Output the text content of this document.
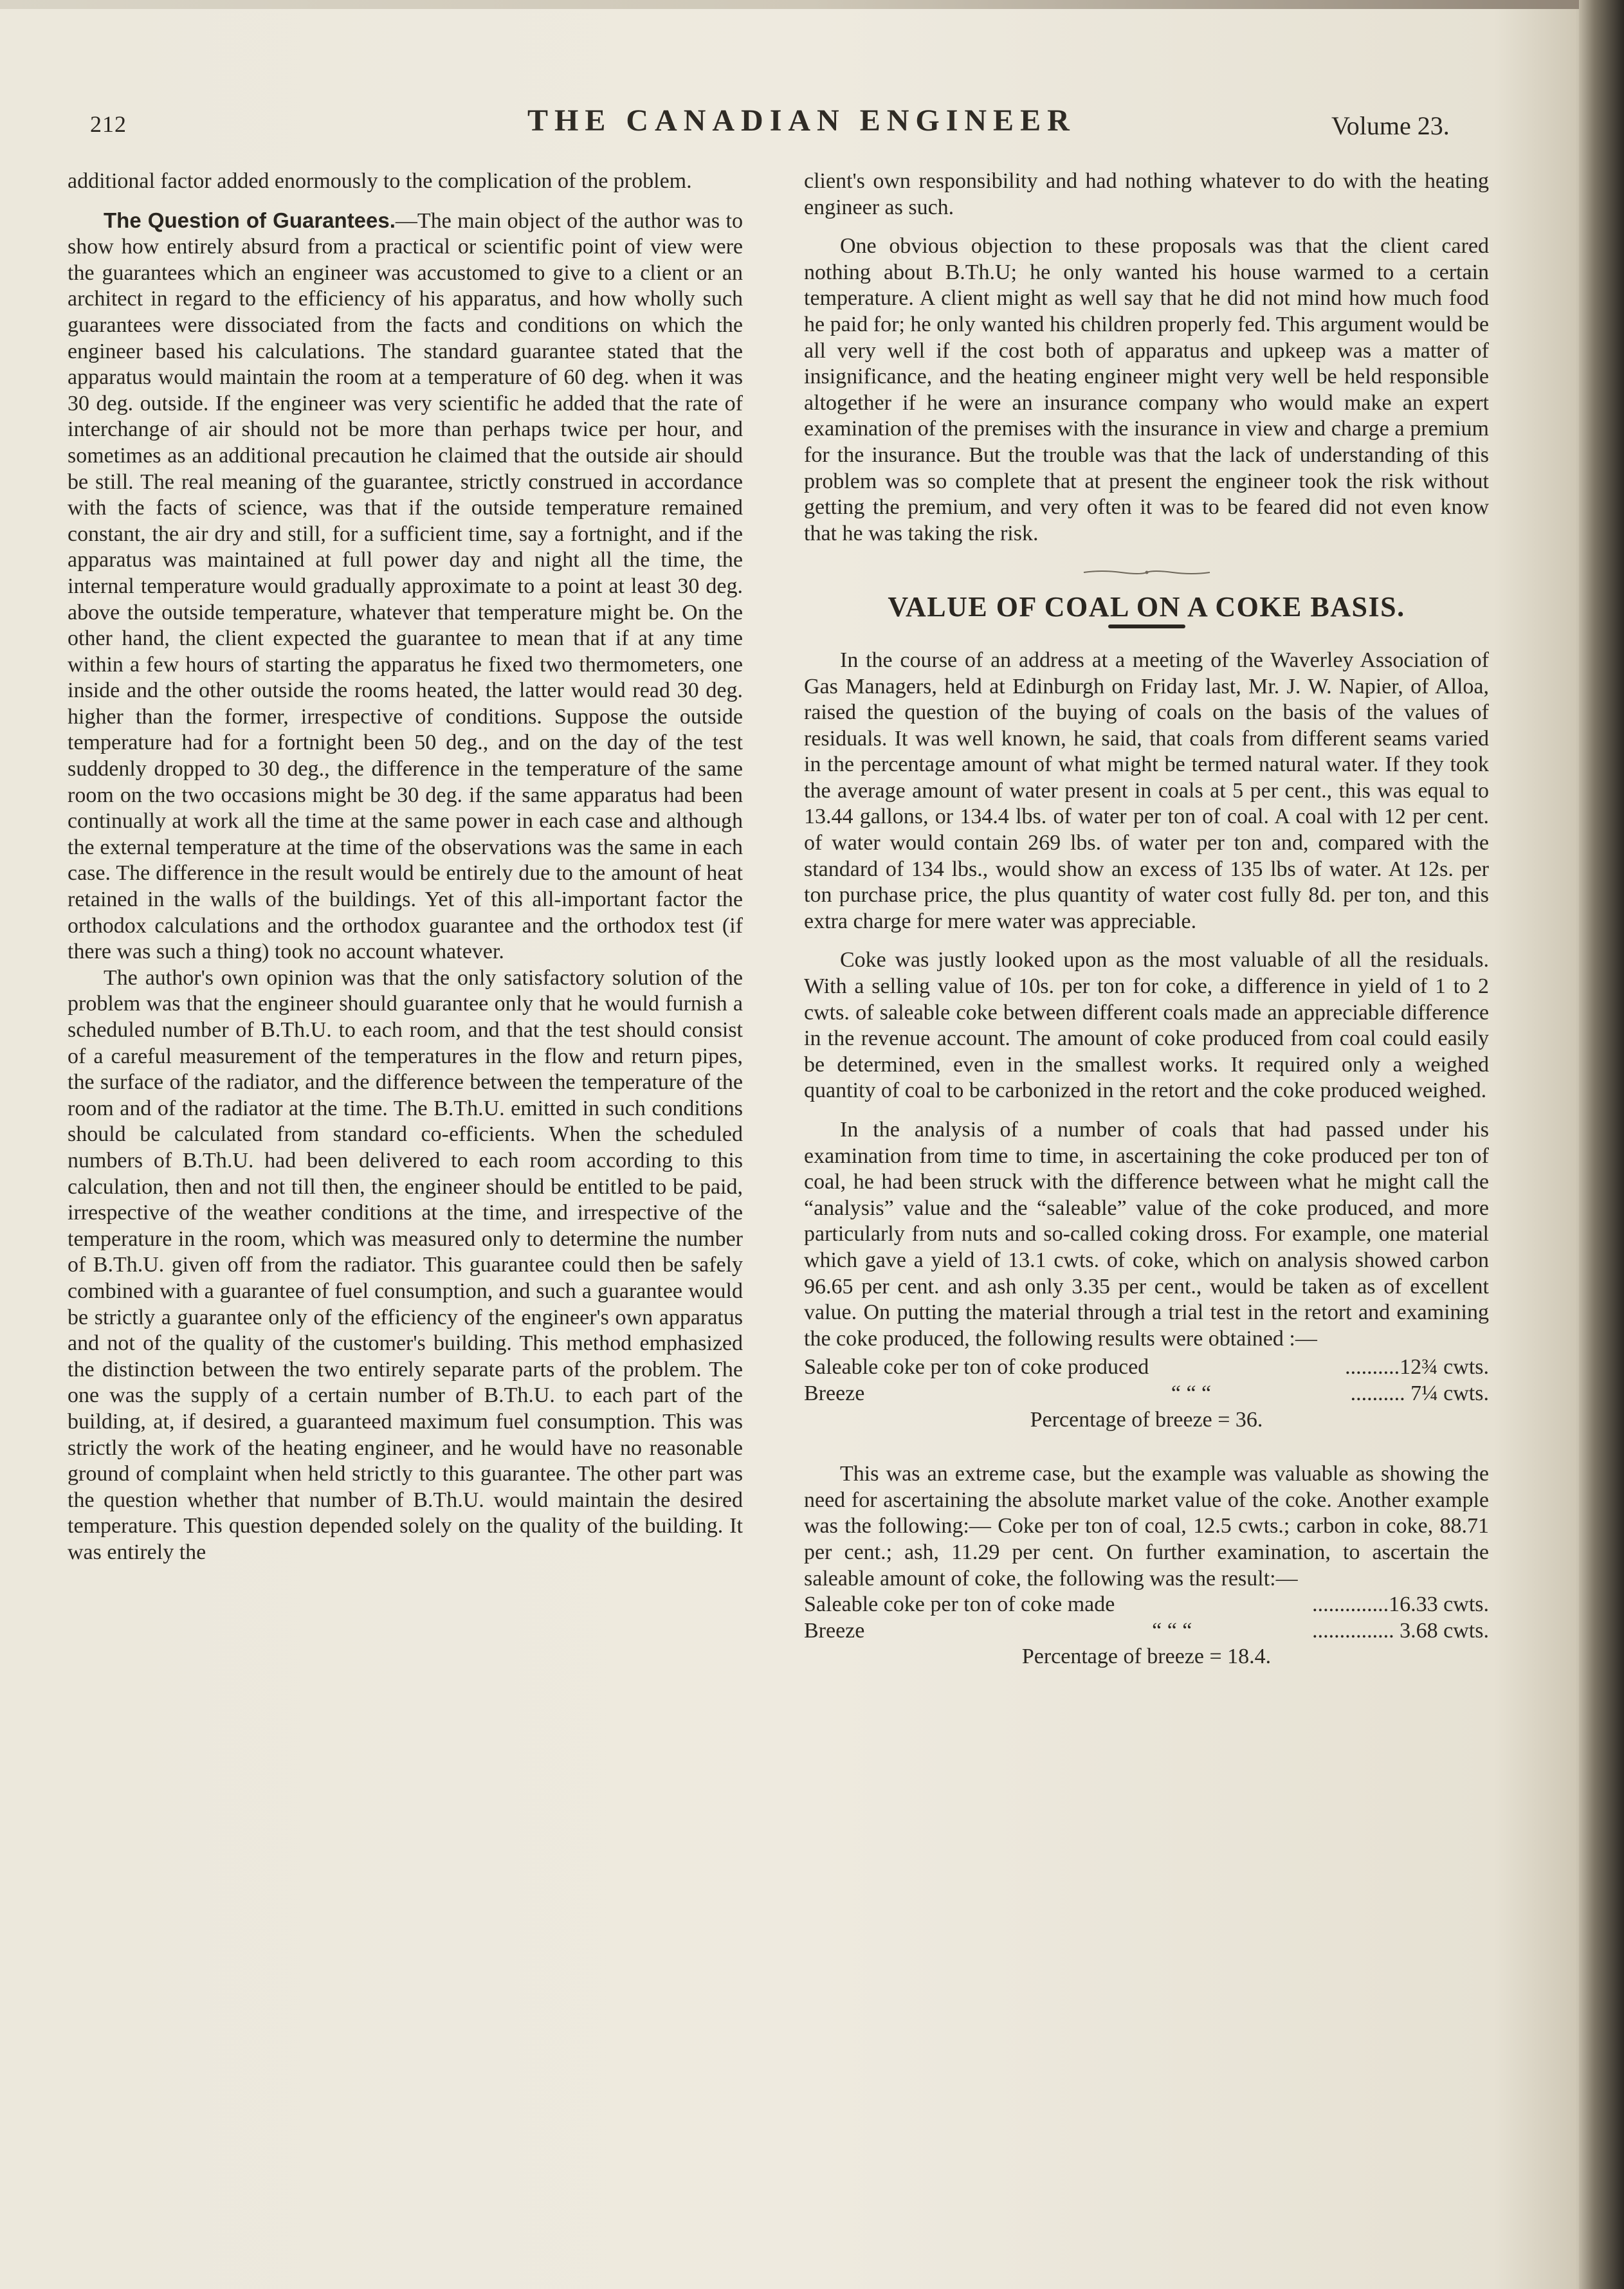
212	THE CANADIAN ENGINEER	Volume 23.

additional factor added enormously to the complication of the problem.

The Question of Guarantees.—The main object of the author was to show how entirely absurd from a practical or scientific point of view were the guarantees which an engineer was accustomed to give to a client or an architect in regard to the efficiency of his apparatus, and how wholly such guarantees were dissociated from the facts and conditions on which the engineer based his calculations. The standard guarantee stated that the apparatus would maintain the room at a temperature of 60 deg. when it was 30 deg. outside. If the engineer was very scientific he added that the rate of interchange of air should not be more than perhaps twice per hour, and sometimes as an additional precaution he claimed that the outside air should be still. The real meaning of the guarantee, strictly construed in accordance with the facts of science, was that if the outside temperature remained constant, the air dry and still, for a sufficient time, say a fortnight, and if the apparatus was maintained at full power day and night all the time, the internal temperature would gradually approximate to a point at least 30 deg. above the outside temperature, whatever that temperature might be. On the other hand, the client expected the guarantee to mean that if at any time within a few hours of starting the apparatus he fixed two thermometers, one inside and the other outside the rooms heated, the latter would read 30 deg. higher than the former, irrespective of conditions. Suppose the outside temperature had for a fortnight been 50 deg., and on the day of the test suddenly dropped to 30 deg., the difference in the temperature of the same room on the two occasions might be 30 deg. if the same apparatus had been continually at work all the time at the same power in each case and although the external temperature at the time of the observations was the same in each case. The difference in the result would be entirely due to the amount of heat retained in the walls of the buildings. Yet of this all-important factor the orthodox calculations and the orthodox guarantee and the orthodox test (if there was such a thing) took no account whatever.

The author's own opinion was that the only satisfactory solution of the problem was that the engineer should guarantee only that he would furnish a scheduled number of B.Th.U. to each room, and that the test should consist of a careful measurement of the temperatures in the flow and return pipes, the surface of the radiator, and the difference between the temperature of the room and of the radiator at the time. The B.Th.U. emitted in such conditions should be calculated from standard co-efficients. When the scheduled numbers of B.Th.U. had been delivered to each room according to this calculation, then and not till then, the engineer should be entitled to be paid, irrespective of the weather conditions at the time, and irrespective of the temperature in the room, which was measured only to determine the number of B.Th.U. given off from the radiator. This guarantee could then be safely combined with a guarantee of fuel consumption, and such a guarantee would be strictly a guarantee only of the efficiency of the engineer's own apparatus and not of the quality of the customer's building. This method emphasized the distinction between the two entirely separate parts of the problem. The one was the supply of a certain number of B.Th.U. to each part of the building, at, if desired, a guaranteed maximum fuel consumption. This was strictly the work of the heating engineer, and he would have no reasonable ground of complaint when held strictly to this guarantee. The other part was the question whether that number of B.Th.U. would maintain the desired temperature. This question depended solely on the quality of the building. It was entirely the

client's own responsibility and had nothing whatever to do with the heating engineer as such.

One obvious objection to these proposals was that the client cared nothing about B.Th.U; he only wanted his house warmed to a certain temperature. A client might as well say that he did not mind how much food he paid for; he only wanted his children properly fed. This argument would be all very well if the cost both of apparatus and upkeep was a matter of insignificance, and the heating engineer might very well be held responsible altogether if he were an insurance company who would make an expert examination of the premises with the insurance in view and charge a premium for the insurance. But the trouble was that the lack of understanding of this problem was so complete that at present the engineer took the risk without getting the premium, and very often it was to be feared did not even know that he was taking the risk.

VALUE OF COAL ON A COKE BASIS.

In the course of an address at a meeting of the Waverley Association of Gas Managers, held at Edinburgh on Friday last, Mr. J. W. Napier, of Alloa, raised the question of the buying of coals on the basis of the values of residuals. It was well known, he said, that coals from different seams varied in the percentage amount of what might be termed natural water. If they took the average amount of water present in coals at 5 per cent., this was equal to 13.44 gallons, or 134.4 lbs. of water per ton of coal. A coal with 12 per cent. of water would contain 269 lbs. of water per ton and, compared with the standard of 134 lbs., would show an excess of 135 lbs of water. At 12s. per ton purchase price, the plus quantity of water cost fully 8d. per ton, and this extra charge for mere water was appreciable.

Coke was justly looked upon as the most valuable of all the residuals. With a selling value of 10s. per ton for coke, a difference in yield of 1 to 2 cwts. of saleable coke between different coals made an appreciable difference in the revenue account. The amount of coke produced from coal could easily be determined, even in the smallest works. It required only a weighed quantity of coal to be carbonized in the retort and the coke produced weighed.

In the analysis of a number of coals that had passed under his examination from time to time, in ascertaining the coke produced per ton of coal, he had been struck with the difference between what he might call the “analysis” value and the “saleable” value of the coke produced, and more particularly from nuts and so-called coking dross. For example, one material which gave a yield of 13.1 cwts. of coke, which on analysis showed carbon 96.65 per cent. and ash only 3.35 per cent., would be taken as of excellent value. On putting the material through a trial test in the retort and examining the coke produced, the following results were obtained :—

Saleable coke per ton of coke produced	..........12¾ cwts.
Breeze	“ “ “	.......... 7¼ cwts.

Percentage of breeze = 36.

This was an extreme case, but the example was valuable as showing the need for ascertaining the absolute market value of the coke. Another example was the following:— Coke per ton of coal, 12.5 cwts.; carbon in coke, 88.71 per cent.; ash, 11.29 per cent. On further examination, to ascertain the saleable amount of coke, the following was the result:—

Saleable coke per ton of coke made	..............16.33 cwts.
Breeze	“ “ “	............... 3.68 cwts.

Percentage of breeze = 18.4.
